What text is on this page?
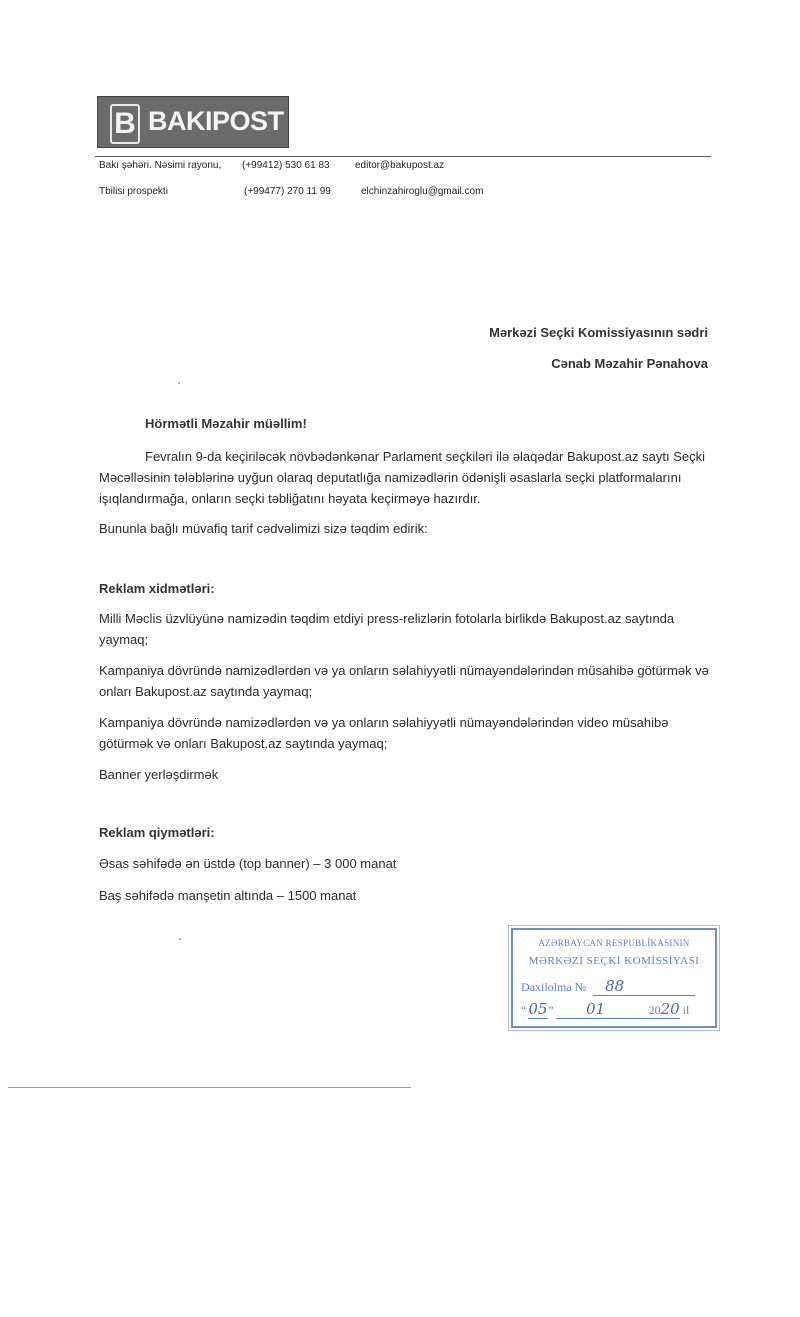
B BAKIPOST
Bakı şəhəri. Nəsimi rayonu,
Tbilisi prospekti
(+99412) 530 61 83
(+99477) 270 11 99
editor@bakupost.az
elchinzahiroglu@gmail.com
Mərkəzi Seçki Komissiyasının sədri
Cənab Məzahir Pənahova
Hörmətli Məzahir müəllim!

Fevralın 9-da keçiriləcək növbədənkənar Parlament seçkiləri ilə əlaqədar Bakupost.az saytı Seçki Məcəlləsinin tələblərinə uyğun olaraq deputatlığa namizədlərin ödənişli əsaslarla seçki platformalarını işıqlandırmağa, onların seçki təbliğatını həyata keçirməyə hazırdır.

Bununla bağlı müvafiq tarif cədvəlimizi sizə təqdim edirik:
Reklam xidmətləri:
Milli Məclis üzvlüyünə namizədin təqdim etdiyi press-relizlərin fotolarla birlikdə Bakupost.az saytında yaymaq;
Kampaniya dövründə namizədlərdən və ya onların səlahiyyətli nümayəndələrindən müsahibə götürmək və onları Bakupost.az saytında yaymaq;
Kampaniya dövründə namizədlərdən və ya onların səlahiyyətli nümayəndələrindən video müsahibə götürmək və onları Bakupost.az saytında yaymaq;
Banner yerləşdirmək
Reklam qiymətləri:
Əsas səhifədə ən üstdə (top banner) – 3 000 manat
Baş səhifədə manşetin altında – 1500 manat
AZƏRBAYCAN RESPUBLİKASININ
MƏRKƏZİ SEÇKİ KOMİSSİYASI
Daxilolma № 88
“ 05” 01	2020 il
